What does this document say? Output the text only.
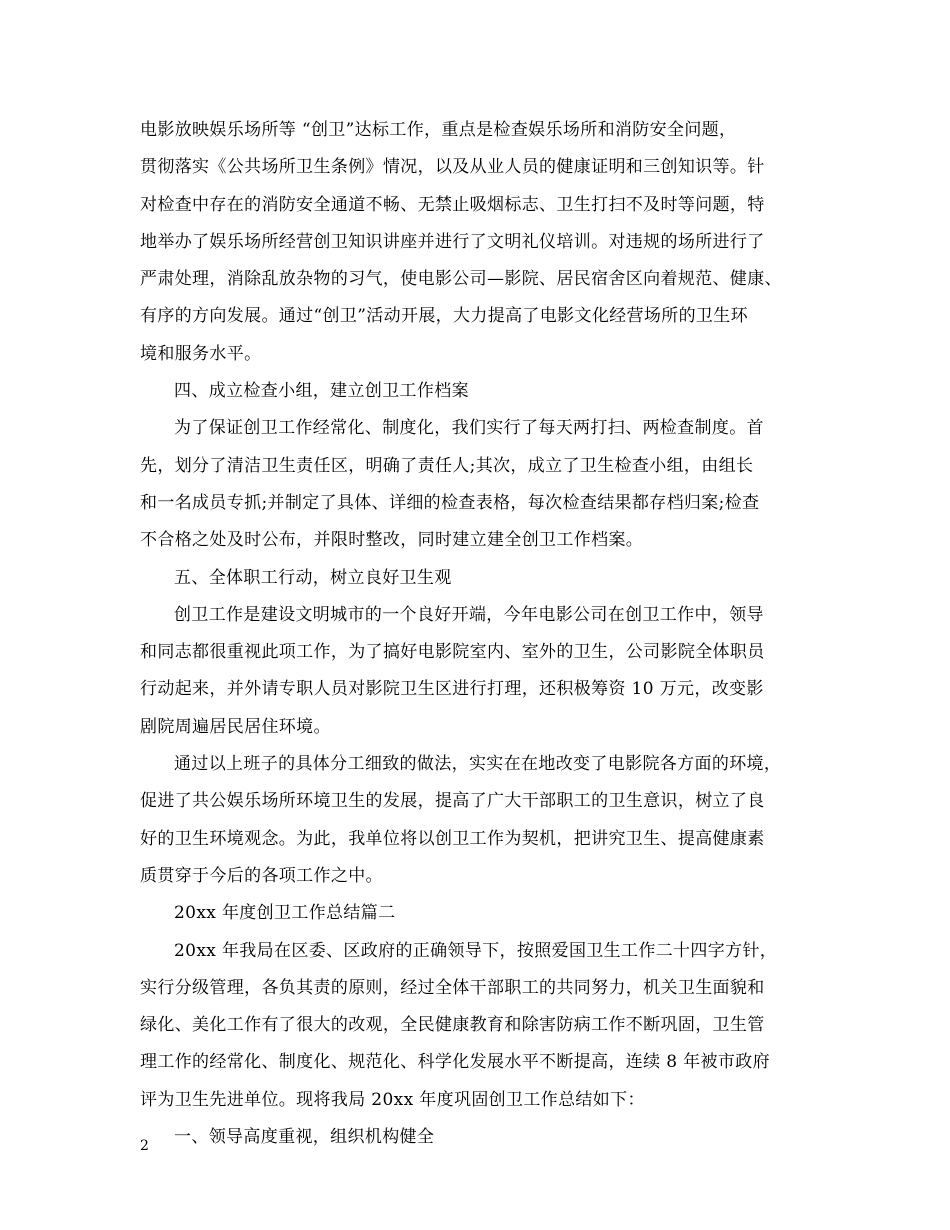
电影放映娱乐场所等 “创卫”达标工作，重点是检查娱乐场所和消防安全问题，
贯彻落实《公共场所卫生条例》情况，以及从业人员的健康证明和三创知识等。针
对检查中存在的消防安全通道不畅、无禁止吸烟标志、卫生打扫不及时等问题，特
地举办了娱乐场所经营创卫知识讲座并进行了文明礼仪培训。对违规的场所进行了
严肃处理，消除乱放杂物的习气，使电影公司—影院、居民宿舍区向着规范、健康、
有序的方向发展。通过“创卫”活动开展，大力提高了电影文化经营场所的卫生环
境和服务水平。
四、成立检查小组，建立创卫工作档案
为了保证创卫工作经常化、制度化，我们实行了每天两打扫、两检查制度。首
先，划分了清洁卫生责任区，明确了责任人;其次，成立了卫生检查小组，由组长
和一名成员专抓;并制定了具体、详细的检查表格，每次检查结果都存档归案;检查
不合格之处及时公布，并限时整改，同时建立建全创卫工作档案。
五、全体职工行动，树立良好卫生观
创卫工作是建设文明城市的一个良好开端，今年电影公司在创卫工作中，领导
和同志都很重视此项工作，为了搞好电影院室内、室外的卫生，公司影院全体职员
行动起来，并外请专职人员对影院卫生区进行打理，还积极筹资 10 万元，改变影
剧院周遍居民居住环境。
通过以上班子的具体分工细致的做法，实实在在地改变了电影院各方面的环境，
促进了共公娱乐场所环境卫生的发展，提高了广大干部职工的卫生意识，树立了良
好的卫生环境观念。为此，我单位将以创卫工作为契机，把讲究卫生、提高健康素
质贯穿于今后的各项工作之中。
20xx 年度创卫工作总结篇二
20xx 年我局在区委、区政府的正确领导下，按照爱国卫生工作二十四字方针，
实行分级管理，各负其责的原则，经过全体干部职工的共同努力，机关卫生面貌和
绿化、美化工作有了很大的改观，全民健康教育和除害防病工作不断巩固，卫生管
理工作的经常化、制度化、规范化、科学化发展水平不断提高，连续 8 年被市政府
评为卫生先进单位。现将我局 20xx 年度巩固创卫工作总结如下：
一、领导高度重视，组织机构健全
2
